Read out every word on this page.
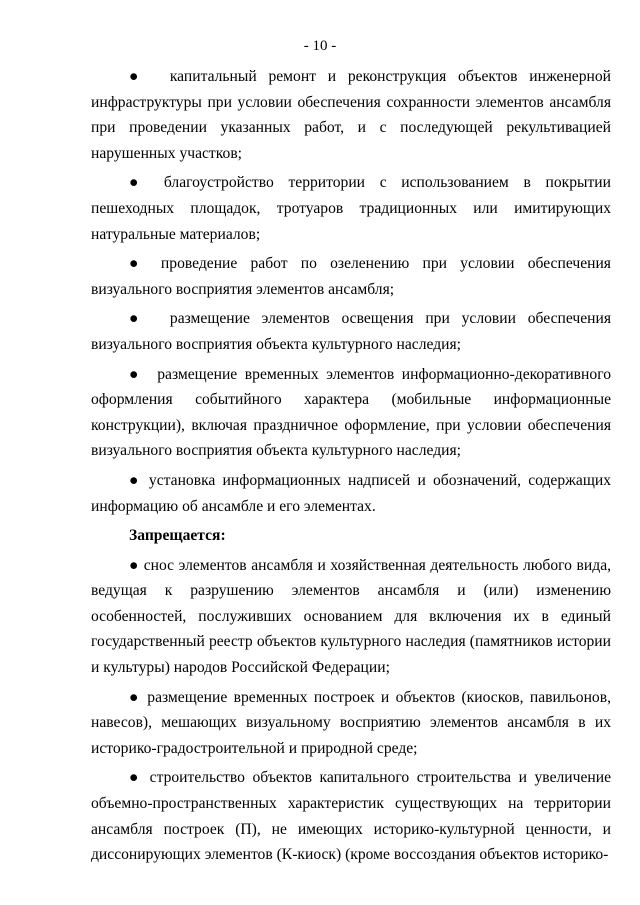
- 10 -

● капитальный ремонт и реконструкция объектов инженерной инфраструктуры при условии обеспечения сохранности элементов ансамбля при проведении указанных работ, и с последующей рекультивацией нарушенных участков;

● благоустройство территории с использованием в покрытии пешеходных площадок, тротуаров традиционных или имитирующих натуральные материалов;

● проведение работ по озеленению при условии обеспечения визуального восприятия элементов ансамбля;

● размещение элементов освещения при условии обеспечения визуального восприятия объекта культурного наследия;

● размещение временных элементов информационно-декоративного оформления событийного характера (мобильные информационные конструкции), включая праздничное оформление, при условии обеспечения визуального восприятия объекта культурного наследия;

● установка информационных надписей и обозначений, содержащих информацию об ансамбле и его элементах.

Запрещается:

● снос элементов ансамбля и хозяйственная деятельность любого вида, ведущая к разрушению элементов ансамбля и (или) изменению особенностей, послуживших основанием для включения их в единый государственный реестр объектов культурного наследия (памятников истории и культуры) народов Российской Федерации;

● размещение временных построек и объектов (киосков, павильонов, навесов), мешающих визуальному восприятию элементов ансамбля в их историко-градостроительной и природной среде;

● строительство объектов капитального строительства и увеличение объемно-пространственных характеристик существующих на территории ансамбля построек (П), не имеющих историко-культурной ценности, и диссонирующих элементов (К-киоск) (кроме воссоздания объектов историко-
